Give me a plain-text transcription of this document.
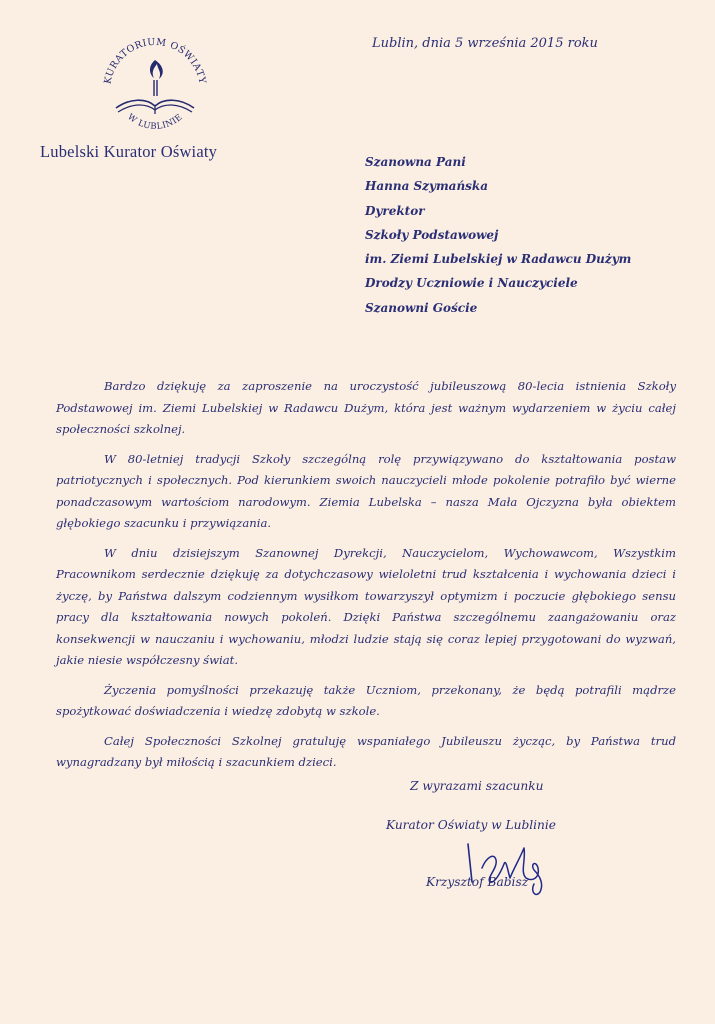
KURATORIUM OŚWIATY
W LUBLINIE
Lubelski Kurator Oświaty
Lublin, dnia 5 września 2015 roku
Szanowna Pani
Hanna Szymańska
Dyrektor
Szkoły Podstawowej
im. Ziemi Lubelskiej w Radawcu Dużym
Drodzy Uczniowie i Nauczyciele
Szanowni Goście

Bardzo dziękuję za zaproszenie na uroczystość jubileuszową 80-lecia istnienia Szkoły Podstawowej im. Ziemi Lubelskiej w Radawcu Dużym, która jest ważnym wydarzeniem w życiu całej społeczności szkolnej.

W 80-letniej tradycji Szkoły szczególną rolę przywiązywano do kształtowania postaw patriotycznych i społecznych. Pod kierunkiem swoich nauczycieli młode pokolenie potrafiło być wierne ponadczasowym wartościom narodowym. Ziemia Lubelska – nasza Mała Ojczyzna była obiektem głębokiego szacunku i przywiązania.

W dniu dzisiejszym Szanownej Dyrekcji, Nauczycielom, Wychowawcom, Wszystkim Pracownikom serdecznie dziękuję za dotychczasowy wieloletni trud kształcenia i wychowania dzieci i życzę, by Państwa dalszym codziennym wysiłkom towarzyszył optymizm i poczucie głębokiego sensu pracy dla kształtowania nowych pokoleń. Dzięki Państwa szczególnemu zaangażowaniu oraz konsekwencji w nauczaniu i wychowaniu, młodzi ludzie stają się coraz lepiej przygotowani do wyzwań, jakie niesie współczesny świat.

Życzenia pomyślności przekazuję także Uczniom, przekonany, że będą potrafili mądrze spożytkować doświadczenia i wiedzę zdobytą w szkole.

Całej Społeczności Szkolnej gratuluję wspaniałego Jubileuszu życząc, by Państwa trud wynagradzany był miłością i szacunkiem dzieci.

Z wyrazami szacunku
Kurator Oświaty w Lublinie
Krzysztof Babisz
